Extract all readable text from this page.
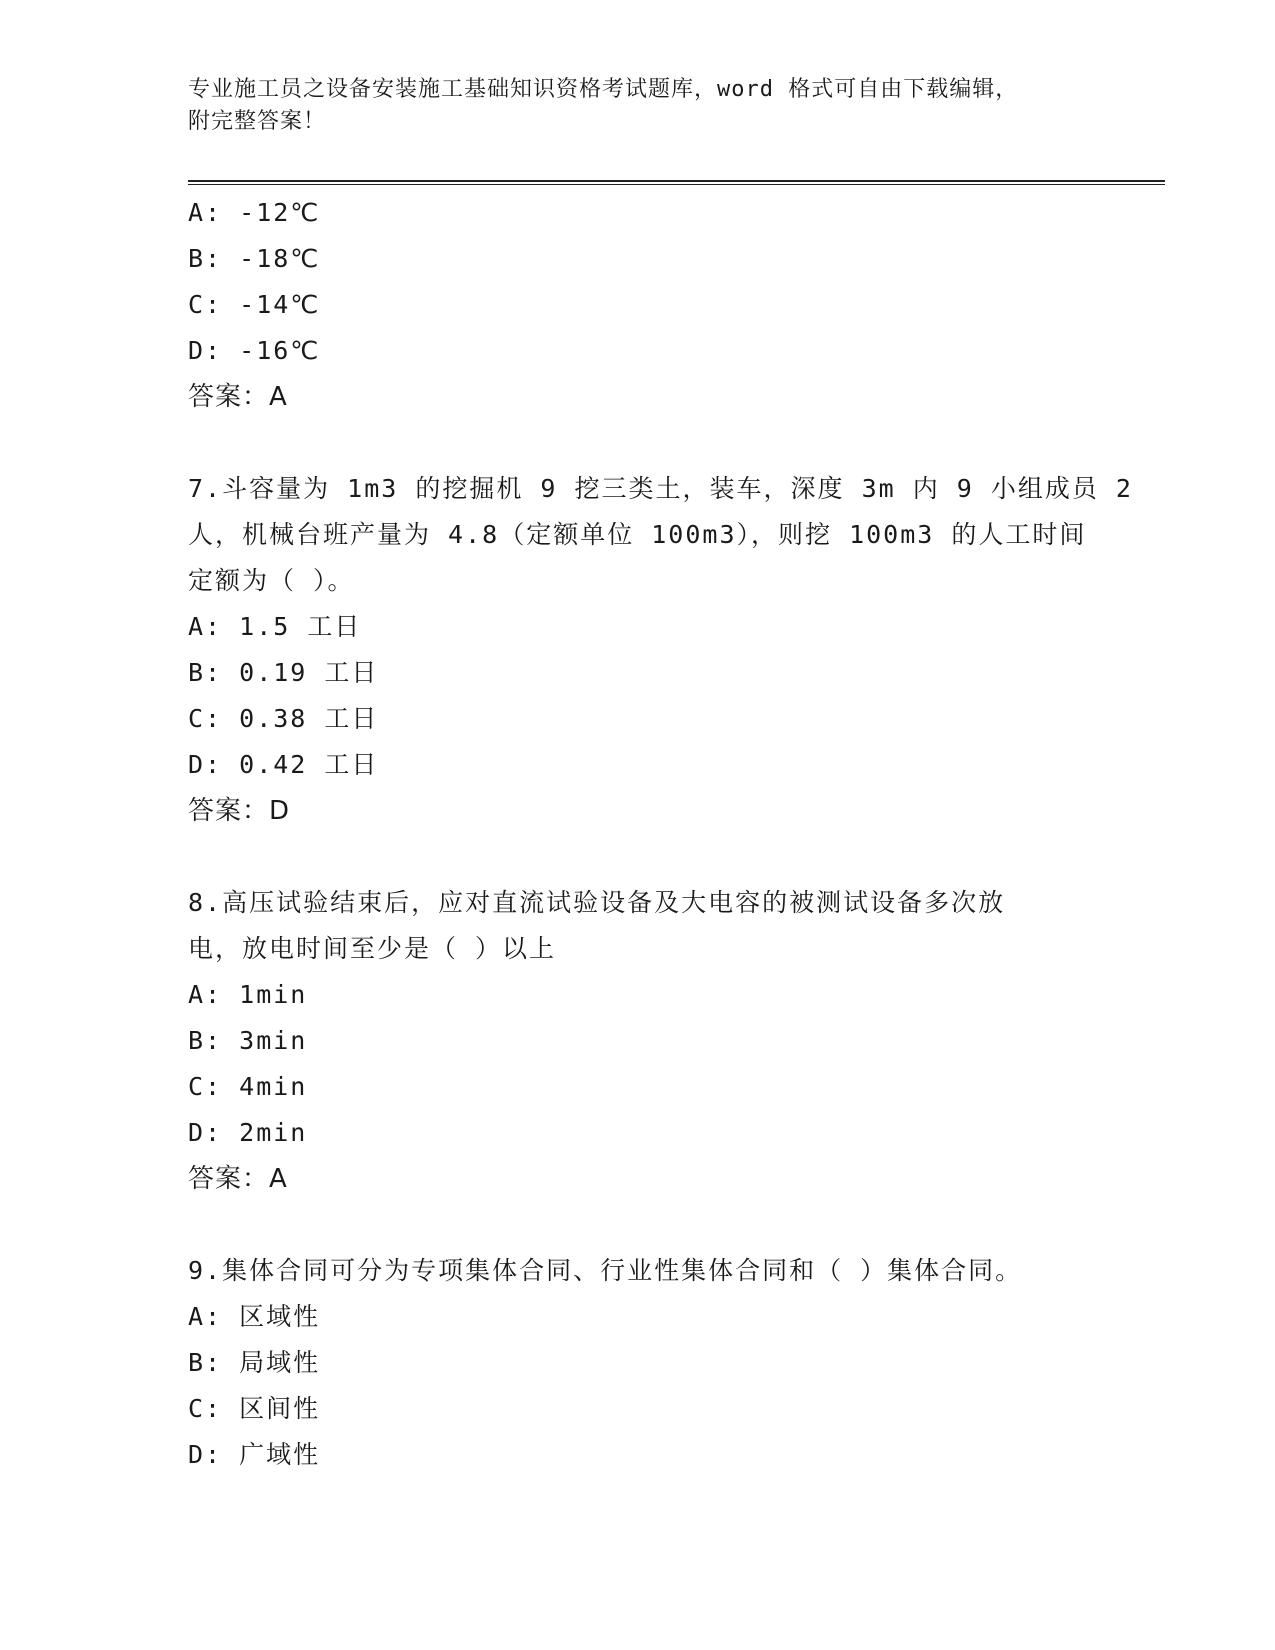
专业施工员之设备安装施工基础知识资格考试题库，word 格式可自由下载编辑，
附完整答案！
A: -12℃
B: -18℃
C: -14℃
D: -16℃
答案：A
7.斗容量为 1m3 的挖掘机 9 挖三类土，装车，深度 3m 内 9 小组成员 2
人，机械台班产量为 4.8（定额单位 100m3），则挖 100m3 的人工时间
定额为（ ）。
A: 1.5 工日
B: 0.19 工日
C: 0.38 工日
D: 0.42 工日
答案：D
8.高压试验结束后，应对直流试验设备及大电容的被测试设备多次放
电，放电时间至少是（ ）以上
A: 1min
B: 3min
C: 4min
D: 2min
答案：A
9.集体合同可分为专项集体合同、行业性集体合同和（ ）集体合同。
A: 区域性
B: 局域性
C: 区间性
D: 广域性
